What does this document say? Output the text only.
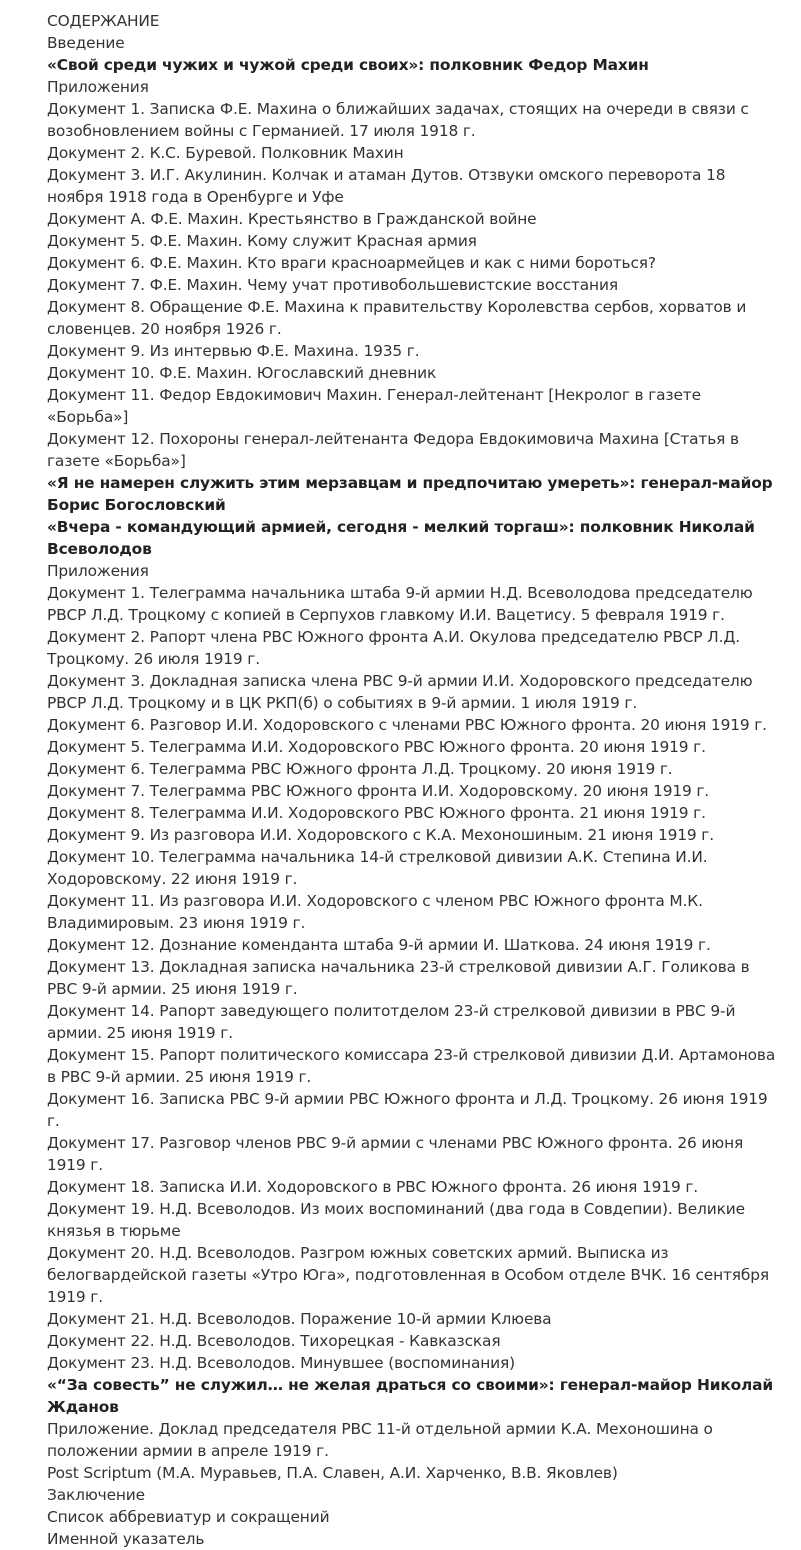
СОДЕРЖАНИЕ
Введение
«Свой среди чужих и чужой среди своих»: полковник Федор Махин
Приложения
Документ 1. Записка Ф.Е. Махина о ближайших задачах, стоящих на очереди в связи с возобновлением войны с Германией. 17 июля 1918 г.
Документ 2. К.С. Буревой. Полковник Махин
Документ 3. И.Г. Акулинин. Колчак и атаман Дутов. Отзвуки омского переворота 18 ноября 1918 года в Оренбурге и Уфе
Документ А. Ф.Е. Махин. Крестьянство в Гражданской войне
Документ 5. Ф.Е. Махин. Кому служит Красная армия
Документ 6. Ф.Е. Махин. Кто враги красноармейцев и как с ними бороться?
Документ 7. Ф.Е. Махин. Чему учат противобольшевистские восстания
Документ 8. Обращение Ф.Е. Махина к правительству Королевства сербов, хорватов и словенцев. 20 ноября 1926 г.
Документ 9. Из интервью Ф.Е. Махина. 1935 г.
Документ 10. Ф.Е. Махин. Югославский дневник
Документ 11. Федор Евдокимович Махин. Генерал-лейтенант [Некролог в газете «Борьба»]
Документ 12. Похороны генерал-лейтенанта Федора Евдокимовича Махина [Статья в газете «Борьба»]
«Я не намерен служить этим мерзавцам и предпочитаю умереть»: генерал-майор Борис Богословский
«Вчера - командующий армией, сегодня - мелкий торгаш»: полковник Николай Всеволодов
Приложения
Документ 1. Телеграмма начальника штаба 9-й армии Н.Д. Всеволодова председателю РВСР Л.Д. Троцкому с копией в Серпухов главкому И.И. Вацетису. 5 февраля 1919 г.
Документ 2. Рапорт члена РВС Южного фронта А.И. Окулова председателю РВСР Л.Д. Троцкому. 26 июля 1919 г.
Документ 3. Докладная записка члена РВС 9-й армии И.И. Ходоровского председателю РВСР Л.Д. Троцкому и в ЦК РКП(б) о событиях в 9-й армии. 1 июля 1919 г.
Документ 6. Разговор И.И. Ходоровского с членами РВС Южного фронта. 20 июня 1919 г.
Документ 5. Телеграмма И.И. Ходоровского РВС Южного фронта. 20 июня 1919 г.
Документ 6. Телеграмма РВС Южного фронта Л.Д. Троцкому. 20 июня 1919 г.
Документ 7. Телеграмма РВС Южного фронта И.И. Ходоровскому. 20 июня 1919 г.
Документ 8. Телеграмма И.И. Ходоровского РВС Южного фронта. 21 июня 1919 г.
Документ 9. Из разговора И.И. Ходоровского с К.А. Мехоношиным. 21 июня 1919 г.
Документ 10. Телеграмма начальника 14-й стрелковой дивизии А.К. Степина И.И. Ходоровскому. 22 июня 1919 г.
Документ 11. Из разговора И.И. Ходоровского с членом РВС Южного фронта М.К. Владимировым. 23 июня 1919 г.
Документ 12. Дознание коменданта штаба 9-й армии И. Шаткова. 24 июня 1919 г.
Документ 13. Докладная записка начальника 23-й стрелковой дивизии А.Г. Голикова в РВС 9-й армии. 25 июня 1919 г.
Документ 14. Рапорт заведующего политотделом 23-й стрелковой дивизии в РВС 9-й армии. 25 июня 1919 г.
Документ 15. Рапорт политического комиссара 23-й стрелковой дивизии Д.И. Артамонова в РВС 9-й армии. 25 июня 1919 г.
Документ 16. Записка РВС 9-й армии РВС Южного фронта и Л.Д. Троцкому. 26 июня 1919 г.
Документ 17. Разговор членов РВС 9-й армии с членами РВС Южного фронта. 26 июня 1919 г.
Документ 18. Записка И.И. Ходоровского в РВС Южного фронта. 26 июня 1919 г.
Документ 19. Н.Д. Всеволодов. Из моих воспоминаний (два года в Совдепии). Великие князья в тюрьме
Документ 20. Н.Д. Всеволодов. Разгром южных советских армий. Выписка из белогвардейской газеты «Утро Юга», подготовленная в Особом отделе ВЧК. 16 сентября 1919 г.
Документ 21. Н.Д. Всеволодов. Поражение 10-й армии Клюева
Документ 22. Н.Д. Всеволодов. Тихорецкая - Кавказская
Документ 23. Н.Д. Всеволодов. Минувшее (воспоминания)
«“За совесть” не служил… не желая драться со своими»: генерал-майор Николай Жданов
Приложение. Доклад председателя РВС 11-й отдельной армии К.А. Мехоношина о положении армии в апреле 1919 г.
Post Scriptum (М.А. Муравьев, П.А. Славен, А.И. Харченко, В.В. Яковлев)
Заключение
Список аббревиатур и сокращений
Именной указатель
